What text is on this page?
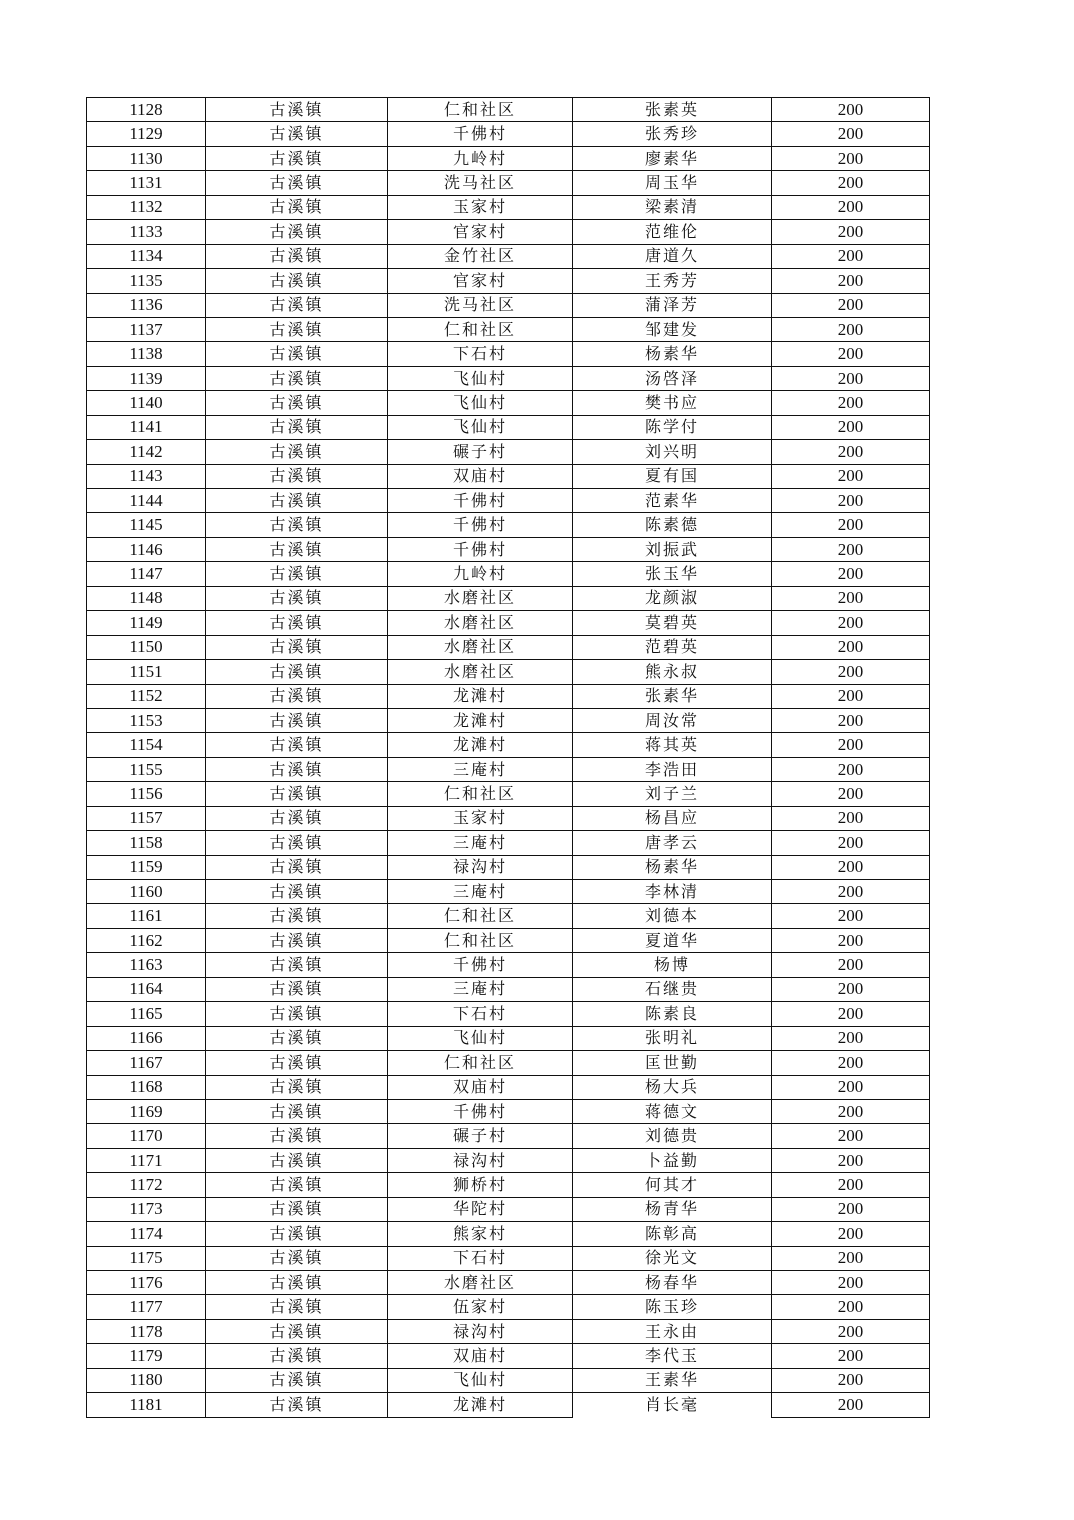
1128	古溪镇	仁和社区	张素英	200
1129	古溪镇	千佛村	张秀珍	200
1130	古溪镇	九岭村	廖素华	200
1131	古溪镇	洗马社区	周玉华	200
1132	古溪镇	玉家村	梁素清	200
1133	古溪镇	官家村	范维伦	200
1134	古溪镇	金竹社区	唐道久	200
1135	古溪镇	官家村	王秀芳	200
1136	古溪镇	洗马社区	蒲泽芳	200
1137	古溪镇	仁和社区	邹建发	200
1138	古溪镇	下石村	杨素华	200
1139	古溪镇	飞仙村	汤啓泽	200
1140	古溪镇	飞仙村	樊书应	200
1141	古溪镇	飞仙村	陈学付	200
1142	古溪镇	碾子村	刘兴明	200
1143	古溪镇	双庙村	夏有国	200
1144	古溪镇	千佛村	范素华	200
1145	古溪镇	千佛村	陈素德	200
1146	古溪镇	千佛村	刘振武	200
1147	古溪镇	九岭村	张玉华	200
1148	古溪镇	水磨社区	龙颜淑	200
1149	古溪镇	水磨社区	莫碧英	200
1150	古溪镇	水磨社区	范碧英	200
1151	古溪镇	水磨社区	熊永叔	200
1152	古溪镇	龙滩村	张素华	200
1153	古溪镇	龙滩村	周汝常	200
1154	古溪镇	龙滩村	蒋其英	200
1155	古溪镇	三庵村	李浩田	200
1156	古溪镇	仁和社区	刘子兰	200
1157	古溪镇	玉家村	杨昌应	200
1158	古溪镇	三庵村	唐孝云	200
1159	古溪镇	禄沟村	杨素华	200
1160	古溪镇	三庵村	李林清	200
1161	古溪镇	仁和社区	刘德本	200
1162	古溪镇	仁和社区	夏道华	200
1163	古溪镇	千佛村	杨博	200
1164	古溪镇	三庵村	石继贵	200
1165	古溪镇	下石村	陈素良	200
1166	古溪镇	飞仙村	张明礼	200
1167	古溪镇	仁和社区	匡世勤	200
1168	古溪镇	双庙村	杨大兵	200
1169	古溪镇	千佛村	蒋德文	200
1170	古溪镇	碾子村	刘德贵	200
1171	古溪镇	禄沟村	卜益勤	200
1172	古溪镇	狮桥村	何其才	200
1173	古溪镇	华陀村	杨青华	200
1174	古溪镇	熊家村	陈彰高	200
1175	古溪镇	下石村	徐光文	200
1176	古溪镇	水磨社区	杨春华	200
1177	古溪镇	伍家村	陈玉珍	200
1178	古溪镇	禄沟村	王永由	200
1179	古溪镇	双庙村	李代玉	200
1180	古溪镇	飞仙村	王素华	200
1181	古溪镇	龙滩村	肖长毫	200
